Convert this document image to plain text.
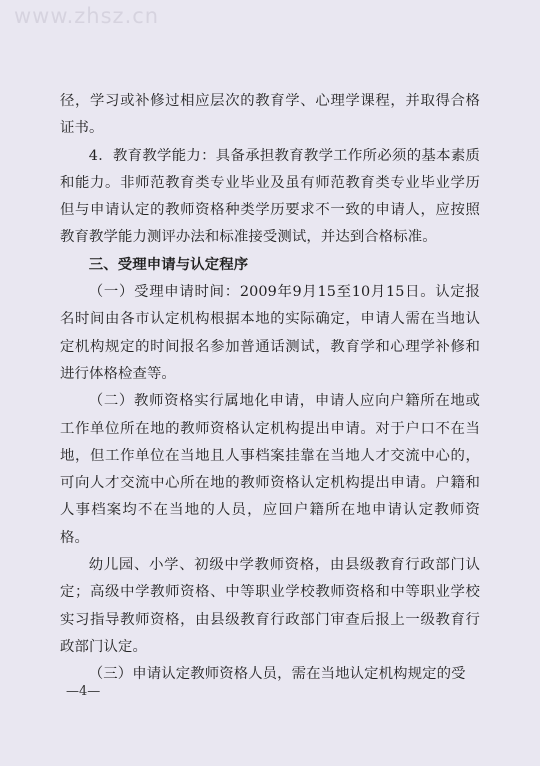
www.zhsz.cn

径，学习或补修过相应层次的教育学、心理学课程，并取得合格证书。

4．教育教学能力：具备承担教育教学工作所必须的基本素质和能力。非师范教育类专业毕业及虽有师范教育类专业毕业学历但与申请认定的教师资格种类学历要求不一致的申请人，应按照教育教学能力测评办法和标准接受测试，并达到合格标准。

三、受理申请与认定程序

（一）受理申请时间：2009年9月15至10月15日。认定报名时间由各市认定机构根据本地的实际确定，申请人需在当地认定机构规定的时间报名参加普通话测试，教育学和心理学补修和进行体格检查等。

（二）教师资格实行属地化申请，申请人应向户籍所在地或工作单位所在地的教师资格认定机构提出申请。对于户口不在当地，但工作单位在当地且人事档案挂靠在当地人才交流中心的，可向人才交流中心所在地的教师资格认定机构提出申请。户籍和人事档案均不在当地的人员，应回户籍所在地申请认定教师资格。

幼儿园、小学、初级中学教师资格，由县级教育行政部门认定；高级中学教师资格、中等职业学校教师资格和中等职业学校实习指导教师资格，由县级教育行政部门审查后报上一级教育行政部门认定。

（三）申请认定教师资格人员，需在当地认定机构规定的受

—4—
